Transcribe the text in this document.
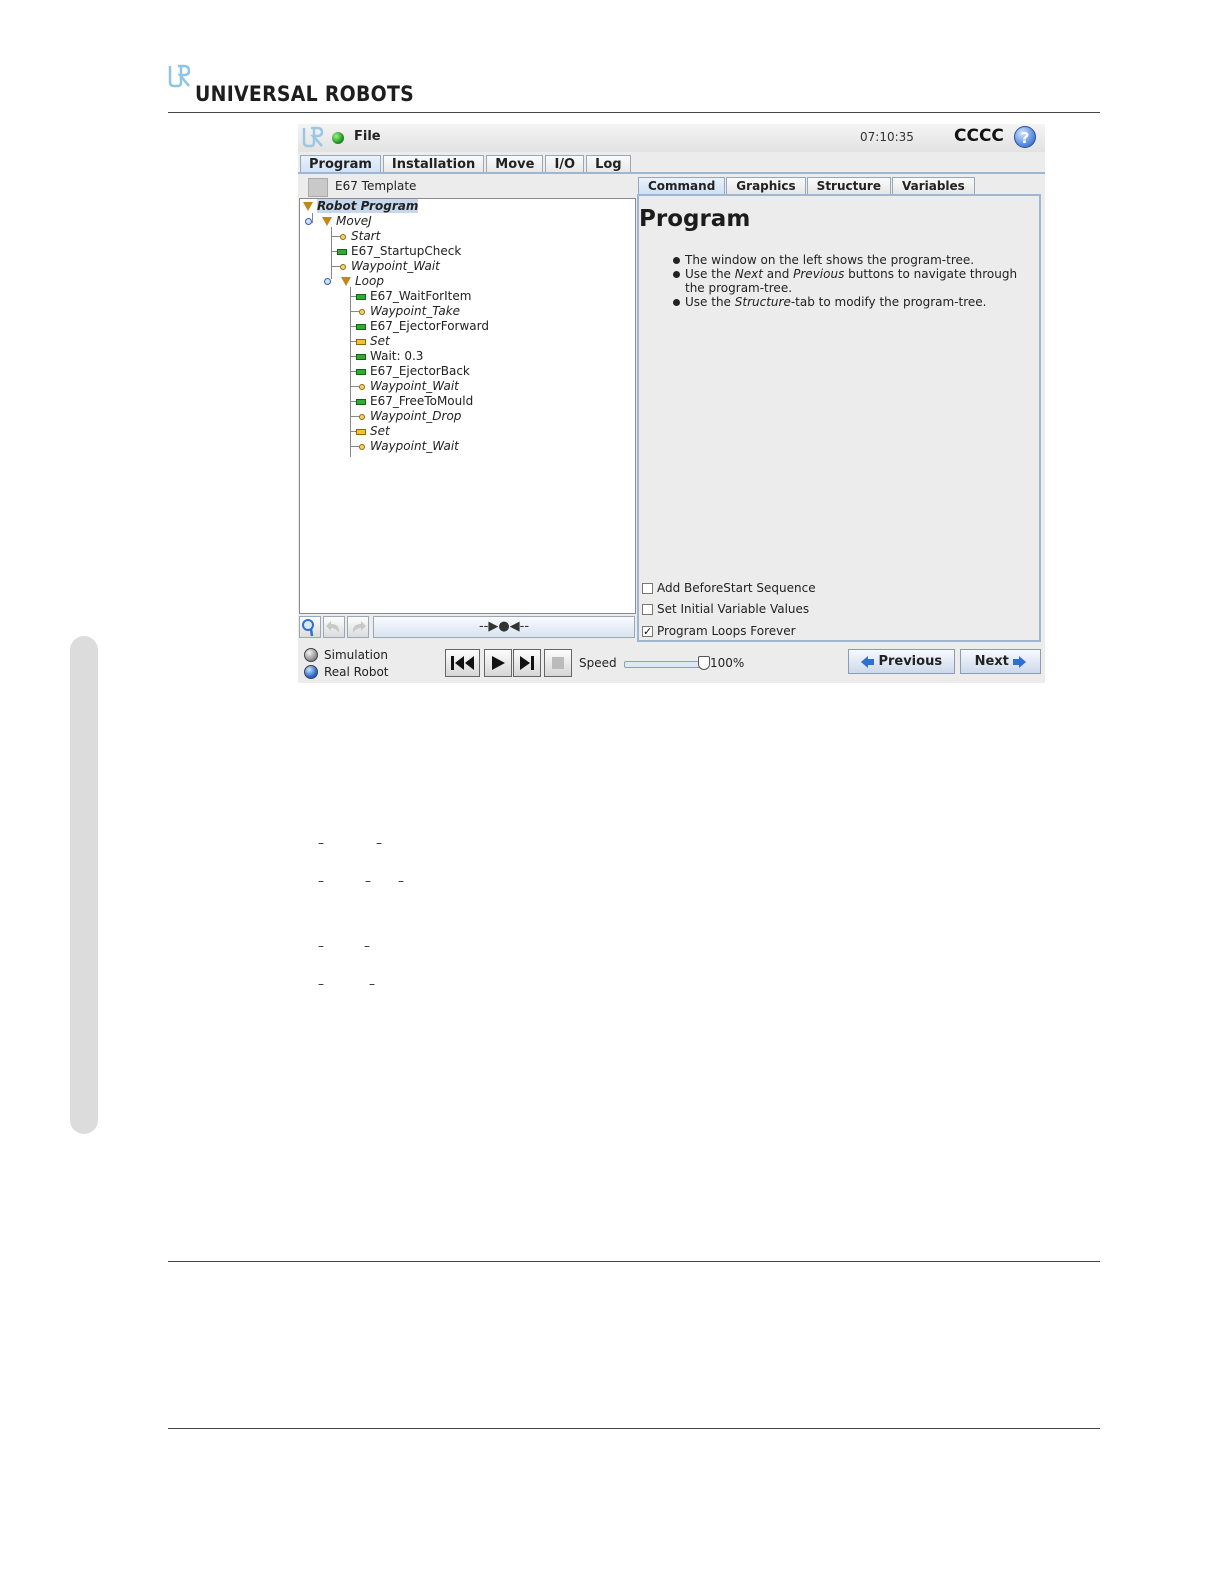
UNIVERSAL ROBOTS
–	–
–	– –
–	–
–	–
File	07:10:35 CCCC	?
Program	Installation	Move	I/O	Log
E67 Template
Robot Program
MoveJ
Start
E67_StartupCheck
Waypoint_Wait
Loop
E67_WaitForItem
Waypoint_Take
E67_EjectorForward
Set
Wait: 0.3
E67_EjectorBack
Waypoint_Wait
E67_FreeToMould
Waypoint_Drop
Set
Waypoint_Wait
--▶●◀--
Command	Graphics	Structure	Variables
Program
The window on the left shows the program-tree.
Use the Next and Previous buttons to navigate through the program-tree.
Use the Structure-tab to modify the program-tree.
Add BeforeStart Sequence
Set Initial Variable Values
✓ Program Loops Forever
Simulation
Real Robot
Speed	100%	Previous	Next
